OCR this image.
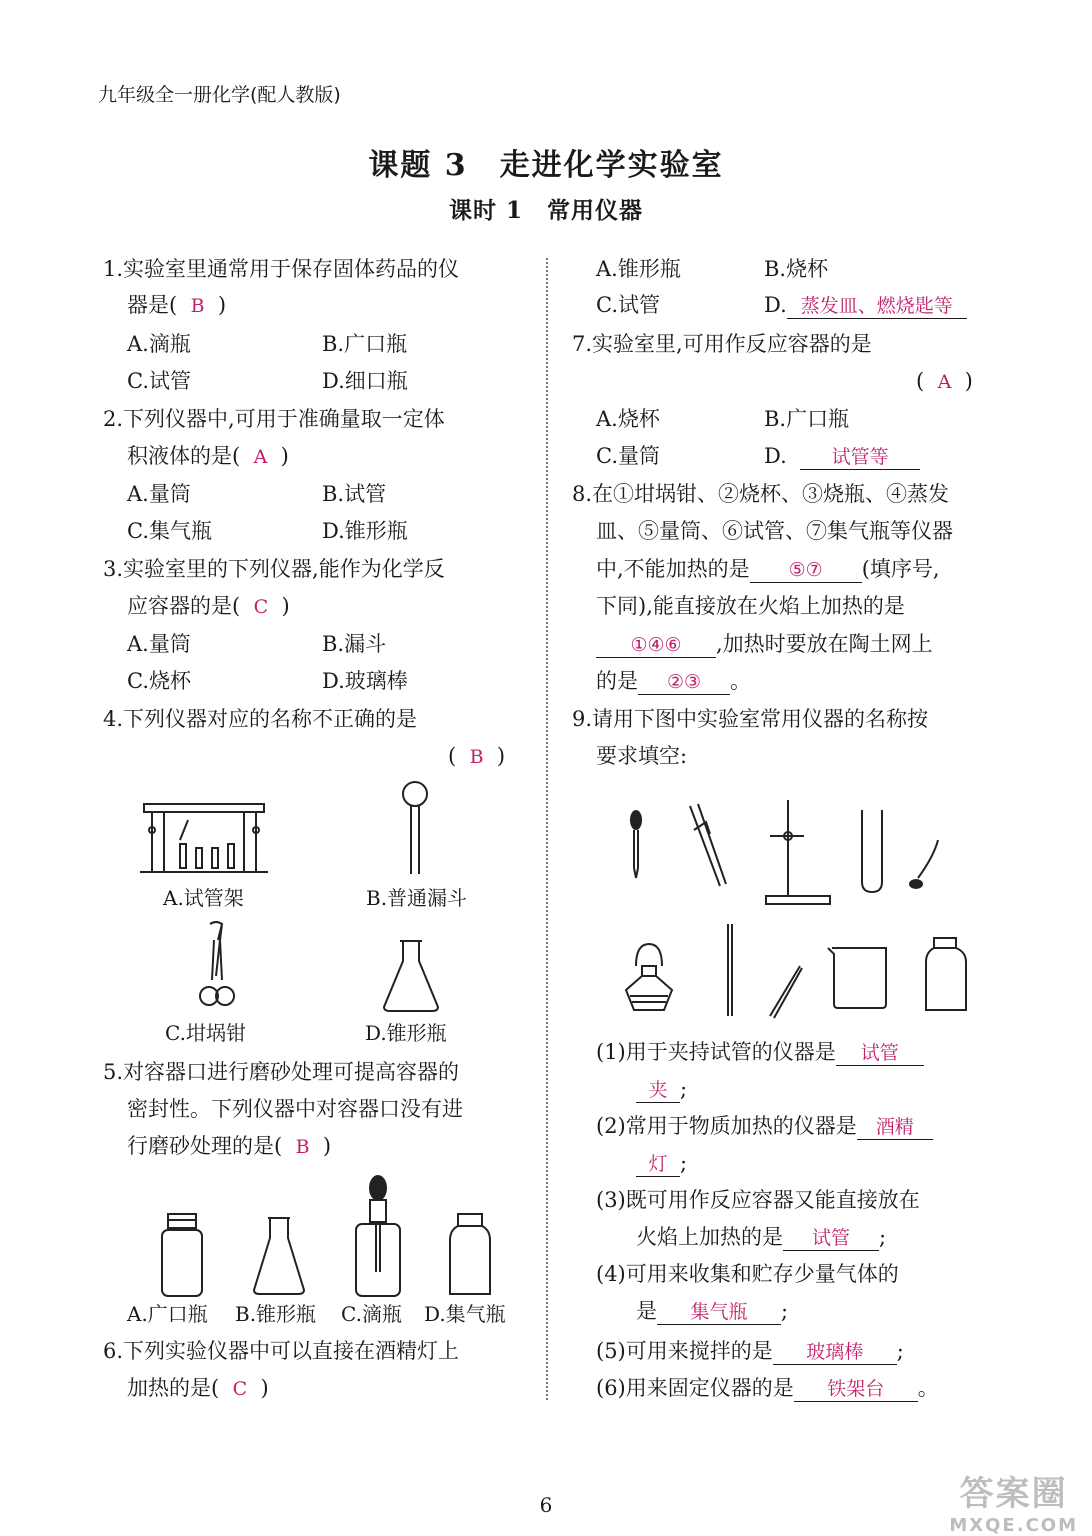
九年级全一册化学(配人教版)
课题 3　走进化学实验室
课时 1　常用仪器
1.实验室里通常用于保存固体药品的仪
器是( B )
A.滴瓶	B.广口瓶
C.试管	D.细口瓶
2.下列仪器中,可用于准确量取一定体
积液体的是( A )
A.量筒	B.试管
C.集气瓶	D.锥形瓶
3.实验室里的下列仪器,能作为化学反
应容器的是( C )
A.量筒	B.漏斗
C.烧杯	D.玻璃棒
4.下列仪器对应的名称不正确的是
( B )
A.试管架	B.普通漏斗
C.坩埚钳	D.锥形瓶
5.对容器口进行磨砂处理可提高容器的
密封性。下列仪器中对容器口没有进
行磨砂处理的是( B )
A.广口瓶 B.锥形瓶 C.滴瓶 D.集气瓶
6.下列实验仪器中可以直接在酒精灯上
加热的是( C )
A.锥形瓶	B.烧杯
C.试管	D. 蒸发皿、燃烧匙等
7.实验室里,可用作反应容器的是
( A )
A.烧杯	B.广口瓶
C.量筒	D. 试管等
8.在①坩埚钳、②烧杯、③烧瓶、④蒸发
皿、⑤量筒、⑥试管、⑦集气瓶等仪器
中,不能加热的是 ⑤⑦ (填序号,
下同),能直接放在火焰上加热的是
①④⑥ ,加热时要放在陶土网上
的是 ②③ 。
9.请用下图中实验室常用仪器的名称按
要求填空:
(1)用于夹持试管的仪器是 试管
夹 ;
(2)常用于物质加热的仪器是 酒精
灯 ;
(3)既可用作反应容器又能直接放在
火焰上加热的是 试管 ;
(4)可用来收集和贮存少量气体的
是 集气瓶 ;
(5)可用来搅拌的是 玻璃棒 ;
(6)用来固定仪器的是 铁架台 。
6	答案圈
MXQE.COM
